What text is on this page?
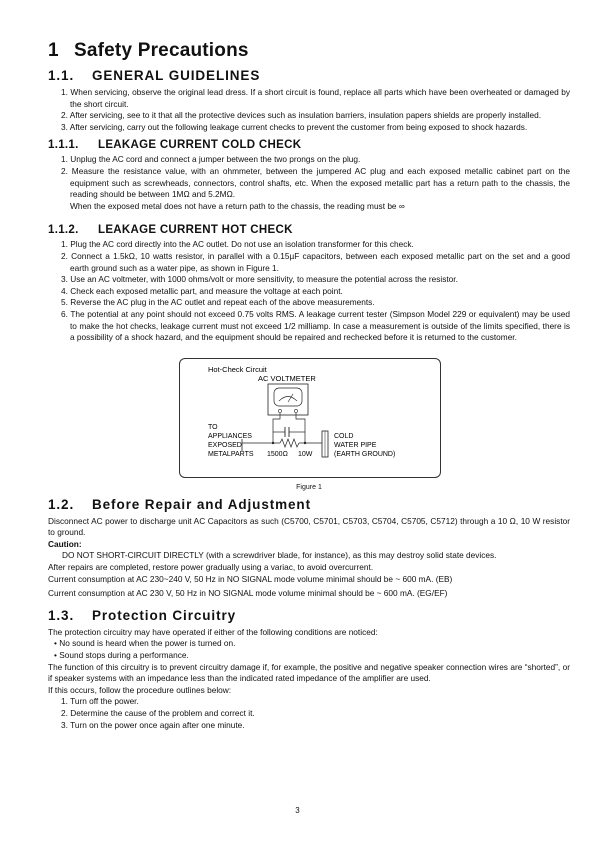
1 Safety Precautions
1.1. GENERAL GUIDELINES
1. When servicing, observe the original lead dress. If a short circuit is found, replace all parts which have been overheated or damaged by the short circuit.
2. After servicing, see to it that all the protective devices such as insulation barriers, insulation papers shields are properly installed.
3. After servicing, carry out the following leakage current checks to prevent the customer from being exposed to shock hazards.
1.1.1. LEAKAGE CURRENT COLD CHECK
1. Unplug the AC cord and connect a jumper between the two prongs on the plug.
2. Measure the resistance value, with an ohmmeter, between the jumpered AC plug and each exposed metallic cabinet part on the equipment such as screwheads, connectors, control shafts, etc. When the exposed metallic part has a return path to the chassis, the reading should be between 1MΩ and 5.2MΩ.
When the exposed metal does not have a return path to the chassis, the reading must be ∞
1.1.2. LEAKAGE CURRENT HOT CHECK
1. Plug the AC cord directly into the AC outlet. Do not use an isolation transformer for this check.
2. Connect a 1.5kΩ, 10 watts resistor, in parallel with a 0.15µF capacitors, between each exposed metallic part on the set and a good earth ground such as a water pipe, as shown in Figure 1.
3. Use an AC voltmeter, with 1000 ohms/volt or more sensitivity, to measure the potential across the resistor.
4. Check each exposed metallic part, and measure the voltage at each point.
5. Reverse the AC plug in the AC outlet and repeat each of the above measurements.
6. The potential at any point should not exceed 0.75 volts RMS. A leakage current tester (Simpson Model 229 or equivalent) may be used to make the hot checks, leakage current must not exceed 1/2 milliamp. In case a measurement is outside of the limits specified, there is a possibility of a shock hazard, and the equipment should be repaired and rechecked before it is returned to the customer.
Hot-Check Circuit
AC VOLTMETER
TO
APPLIANCES
EXPOSED
METALPARTS 1500Ω 10W
COLD
WATER PIPE
(EARTH GROUND)
Figure 1
1.2. Before Repair and Adjustment

Disconnect AC power to discharge unit AC Capacitors as such (C5700, C5701, C5703, C5704, C5705, C5712) through a 10 Ω, 10 W resistor to ground.

Caution:

DO NOT SHORT-CIRCUIT DIRECTLY (with a screwdriver blade, for instance), as this may destroy solid state devices.

After repairs are completed, restore power gradually using a variac, to avoid overcurrent.

Current consumption at AC 230~240 V, 50 Hz in NO SIGNAL mode volume minimal should be ~ 600 mA. (EB)

Current consumption at AC 230 V, 50 Hz in NO SIGNAL mode volume minimal should be ~ 600 mA. (EG/EF)

1.3. Protection Circuitry

The protection circuitry may have operated if either of the following conditions are noticed:

• No sound is heard when the power is turned on.
• Sound stops during a performance.

The function of this circuitry is to prevent circuitry damage if, for example, the positive and negative speaker connection wires are “shorted”, or if speaker systems with an impedance less than the indicated rated impedance of the amplifier are used.

If this occurs, follow the procedure outlines below:

1. Turn off the power.
2. Determine the cause of the problem and correct it.
3. Turn on the power once again after one minute.
3
